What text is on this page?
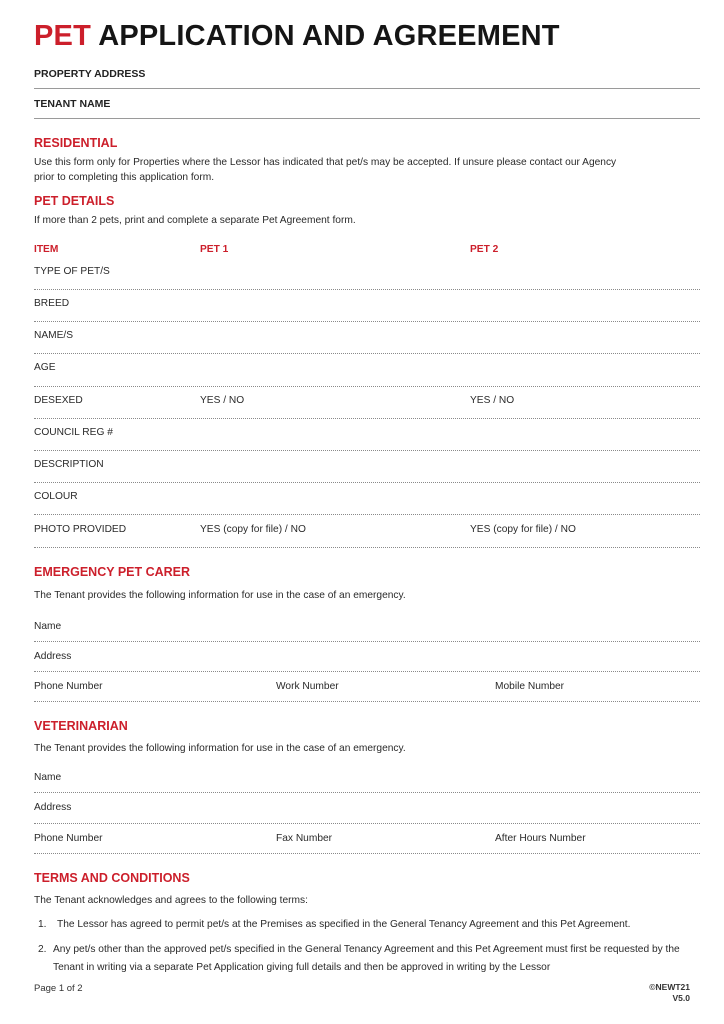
PET APPLICATION AND AGREEMENT
PROPERTY ADDRESS
TENANT NAME
RESIDENTIAL
Use this form only for Properties where the Lessor has indicated that pet/s may be accepted. If unsure please contact our Agency
prior to completing this application form.
PET DETAILS
If more than 2 pets, print and complete a separate Pet Agreement form.
ITEM	PET 1	PET 2
TYPE OF PET/S
BREED
NAME/S
AGE
DESEXED	YES / NO	YES / NO
COUNCIL REG #
DESCRIPTION
COLOUR
PHOTO PROVIDED	YES (copy for file) / NO	YES (copy for file) / NO
EMERGENCY PET CARER
The Tenant provides the following information for use in the case of an emergency.
Name
Address
Phone Number	Work Number	Mobile Number
VETERINARIAN
The Tenant provides the following information for use in the case of an emergency.
Name
Address
Phone Number	Fax Number	After Hours Number
TERMS AND CONDITIONS
The Tenant acknowledges and agrees to the following terms:
1.	The Lessor has agreed to permit pet/s at the Premises as specified in the General Tenancy Agreement and this Pet Agreement.
2. Any pet/s other than the approved pet/s specified in the General Tenancy Agreement and this Pet Agreement must first be requested by the Tenant in writing via a separate Pet Application giving full details and then be approved in writing by the Lessor
Page 1 of 2	©NEWT21
V5.0
